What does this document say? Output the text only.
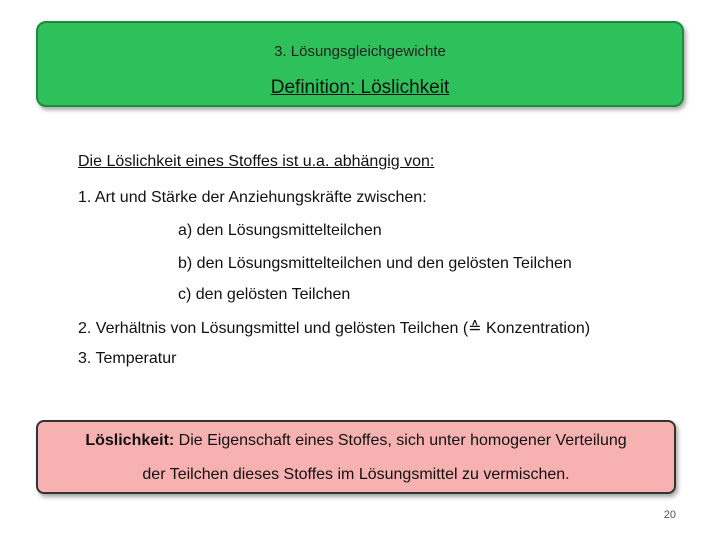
3. Lösungsgleichgewichte
Definition: Löslichkeit
Die Löslichkeit eines Stoffes ist u.a. abhängig von:
1. Art und Stärke der Anziehungskräfte zwischen:
a) den Lösungsmittelteilchen
b) den Lösungsmittelteilchen und den gelösten Teilchen
c) den gelösten Teilchen
2. Verhältnis von Lösungsmittel und gelösten Teilchen (≙ Konzentration)
3. Temperatur
Löslichkeit: Die Eigenschaft eines Stoffes, sich unter homogener Verteilung
der Teilchen dieses Stoffes im Lösungsmittel zu vermischen.
20
